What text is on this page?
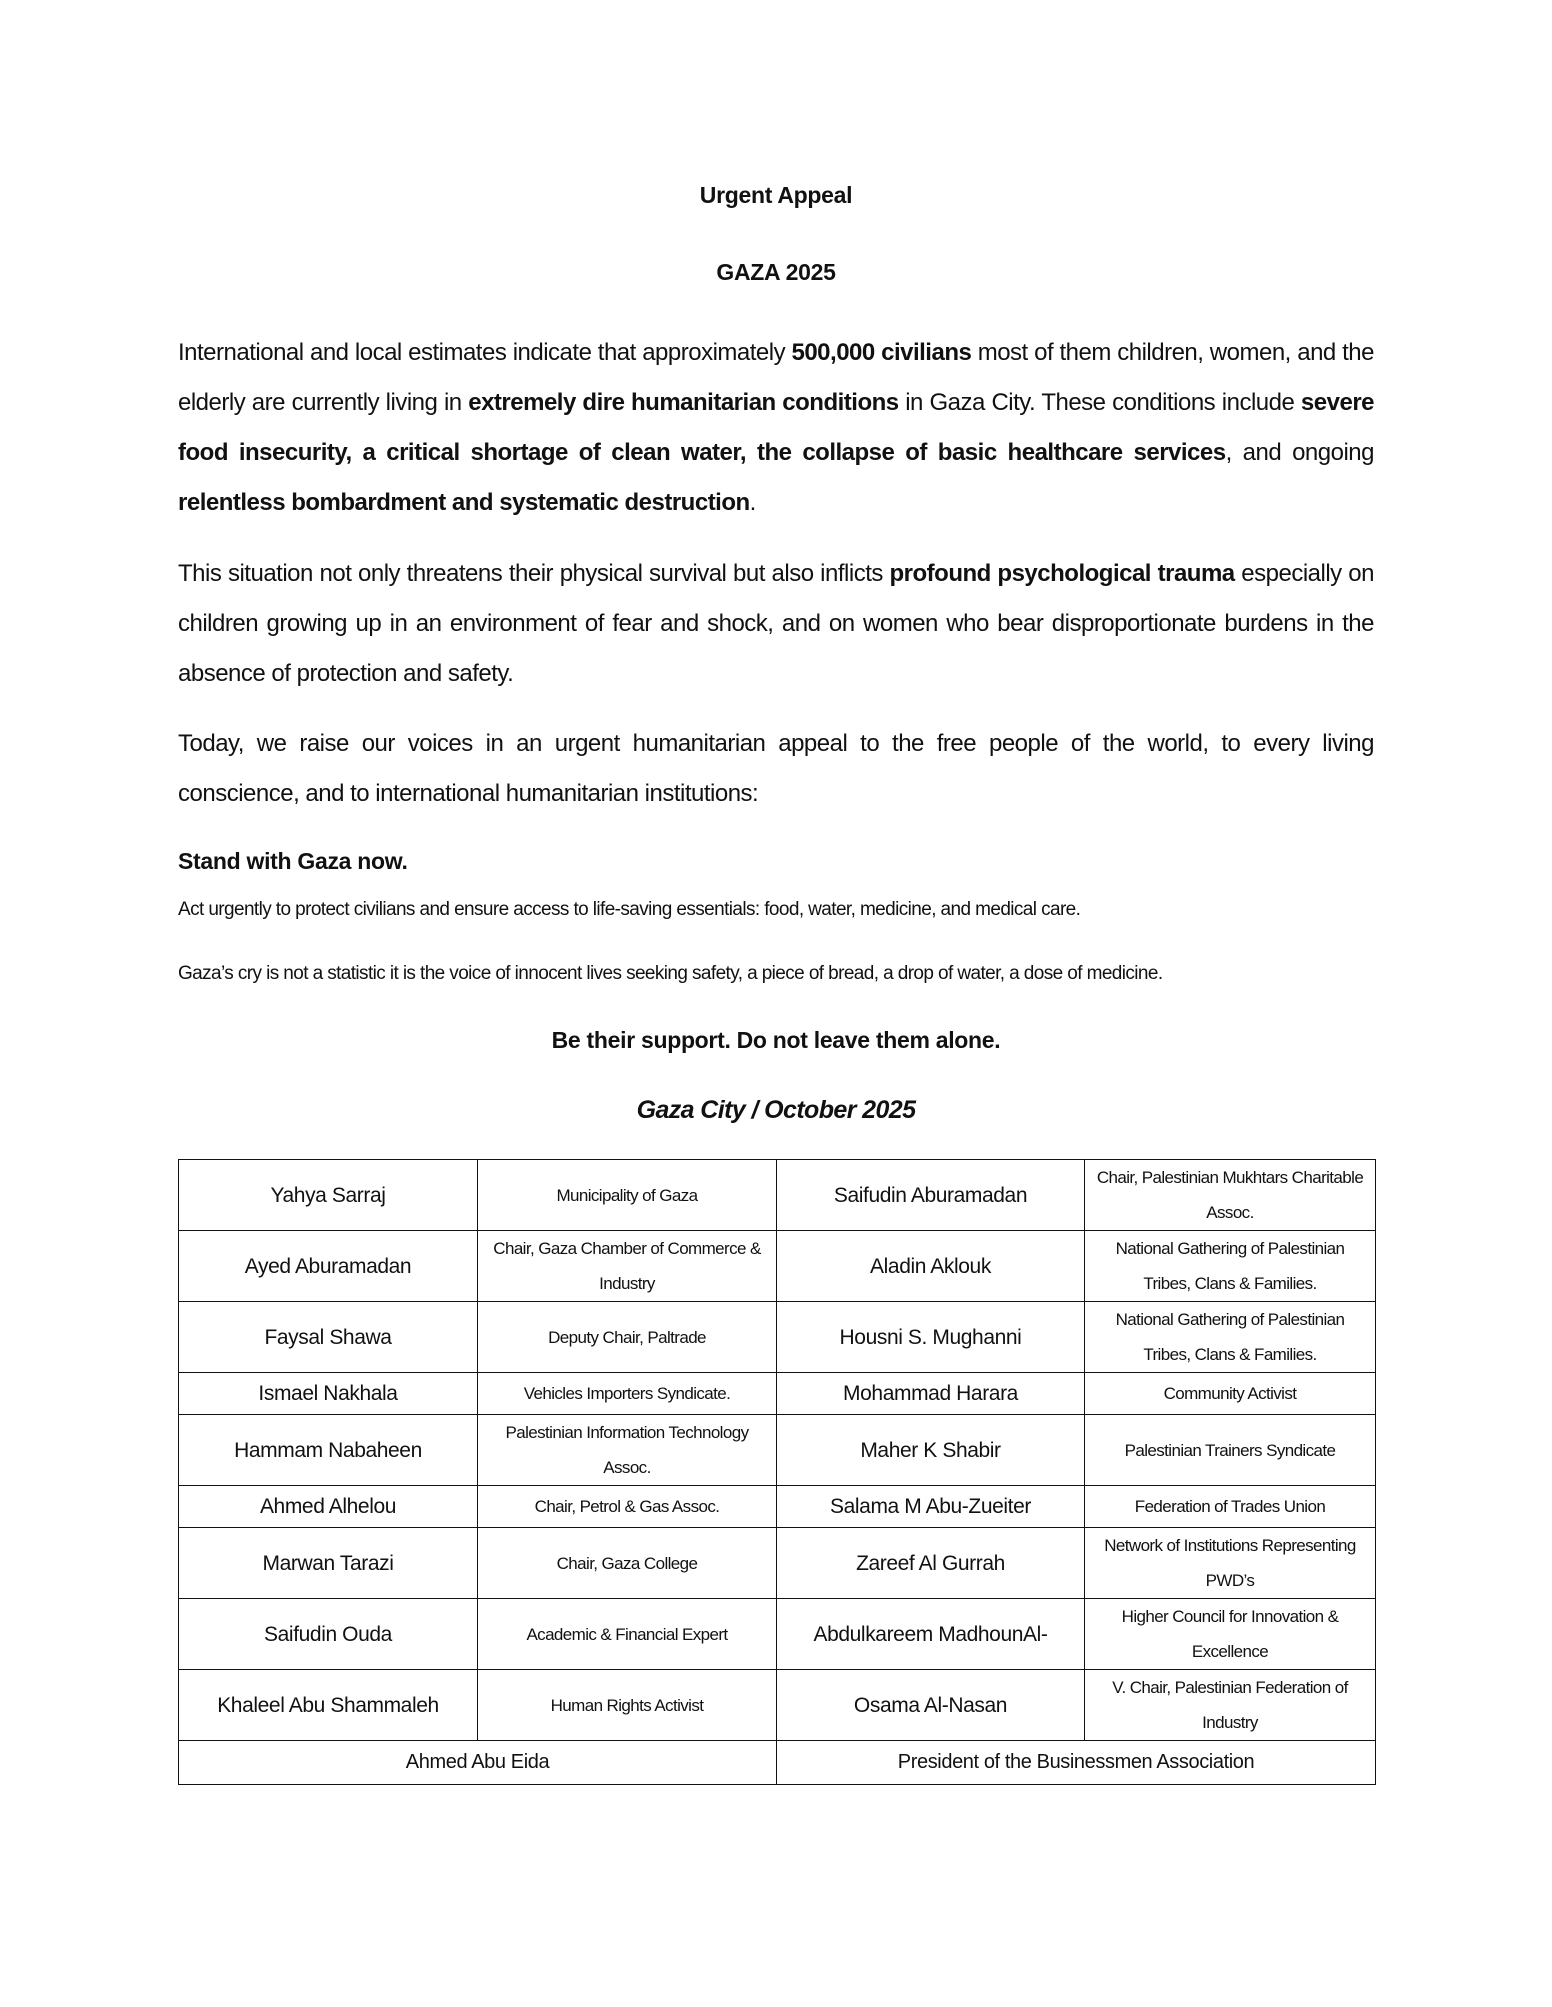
Urgent Appeal
GAZA 2025
International and local estimates indicate that approximately 500,000 civilians most of them children, women, and the elderly are currently living in extremely dire humanitarian conditions in Gaza City. These conditions include severe food insecurity, a critical shortage of clean water, the collapse of basic healthcare services, and ongoing relentless bombardment and systematic destruction.
This situation not only threatens their physical survival but also inflicts profound psychological trauma especially on children growing up in an environment of fear and shock, and on women who bear disproportionate burdens in the absence of protection and safety.
Today, we raise our voices in an urgent humanitarian appeal to the free people of the world, to every living conscience, and to international humanitarian institutions:
Stand with Gaza now.
Act urgently to protect civilians and ensure access to life-saving essentials: food, water, medicine, and medical care.
Gaza’s cry is not a statistic it is the voice of innocent lives seeking safety, a piece of bread, a drop of water, a dose of medicine.
Be their support. Do not leave them alone.
Gaza City / October 2025
Yahya Sarraj	Municipality of Gaza	Saifudin Aburamadan	Chair, Palestinian Mukhtars Charitable Assoc.
Ayed Aburamadan	Chair, Gaza Chamber of Commerce & Industry	Aladin Aklouk	National Gathering of Palestinian Tribes, Clans & Families.
Faysal Shawa	Deputy Chair, Paltrade	Housni S. Mughanni	National Gathering of Palestinian Tribes, Clans & Families.
Ismael Nakhala	Vehicles Importers Syndicate.	Mohammad Harara	Community Activist
Hammam Nabaheen	Palestinian Information Technology Assoc.	Maher K Shabir	Palestinian Trainers Syndicate
Ahmed Alhelou	Chair, Petrol & Gas Assoc.	Salama M Abu-Zueiter	Federation of Trades Union
Marwan Tarazi	Chair, Gaza College	Zareef Al Gurrah	Network of Institutions Representing PWD’s
Saifudin Ouda	Academic & Financial Expert	Abdulkareem MadhounAl-	Higher Council for Innovation & Excellence
Khaleel Abu Shammaleh	Human Rights Activist	Osama Al-Nasan	V. Chair, Palestinian Federation of Industry
Ahmed Abu Eida		President of the Businessmen Association	
